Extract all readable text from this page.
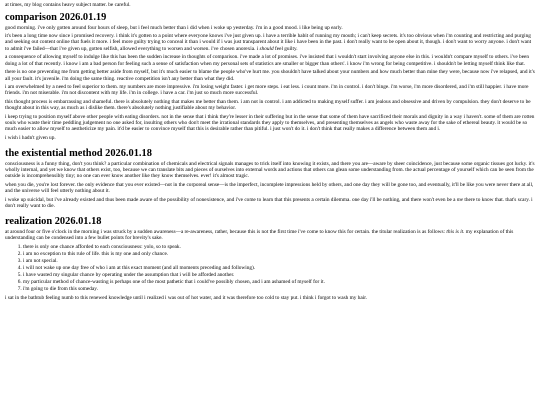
at times, my blog contains heavy subject matter. be careful.

comparison 2026.01.19

good morning. i've only gotten around four hours of sleep, but i feel much better than i did when i woke up yesterday. i'm in a good mood. i like being up early.

it's been a long time now since i promised recovery. i think it's gotten to a point where everyone knows i've just given up. i have a terrible habit of running my mouth; i can't keep secrets. it's too obvious when i'm counting and restricting and purging and seeking out content online that fuels it more. i feel more guilty trying to conceal it than i would if i was just transparent about it like i have been in the past. i don't really want to be open about it, though. i don't want to worry anyone. i don't want to admit i've failed—that i've given up, gotten selfish, allowed everything to worsen and worsen. i've chosen anorexia. i should feel guilty.

a consequence of allowing myself to indulge like this has been the sudden increase in thoughts of comparison. i've made a lot of promises. i've insisted that i wouldn't start involving anyone else in this. i wouldn't compare myself to others. i've been doing a lot of that recently. i know i am a bad person for feeling such a sense of satisfaction when my personal sets of statistics are smaller or bigger than others'. i know i'm wrong for being competitive. i shouldn't be letting myself think like that.

there is no one preventing me from getting better aside from myself, but it's much easier to blame the people who've hurt me. you shouldn't have talked about your numbers and how much better than mine they were, because now i've relapsed, and it's all your fault. it's juvenile. i'm doing the same thing. reactive competition isn't any better than what they did.

i am overwhelmed by a need to feel superior to them. my numbers are more impressive. i'm losing weight faster. i get more steps. i eat less. i count more. i'm in control. i don't binge. i'm worse, i'm more disordered, and i'm still happier. i have more friends. i'm not miserable. i'm not discontent with my life. i'm in college. i have a car. i'm just so much more successful.

this thought process is embarrassing and shameful. there is absolutely nothing that makes me better than them. i am not in control. i am addicted to making myself suffer. i am jealous and obsessive and driven by compulsion. they don't deserve to be thought about in this way, as much as i dislike them. there's absolutely nothing justifiable about my behavior.

i keep trying to position myself above other people with eating disorders. not in the sense that i think they're lesser in their suffering but in the sense that some of them have sacrificed their morals and dignity in a way i haven't. some of them are rotten souls who waste their time peddling judgement no one asked for, insulting others who don't meet the irrational standards they apply to themselves, and presenting themselves as angels who waste away for the sake of ethereal beauty. it would be so much easier to allow myself to aestheticize my pain. it'd be easier to convince myself that this is desirable rather than pitiful. i just won't do it. i don't think that really makes a difference between them and i.

i wish i hadn't given up.

the existential method 2026.01.18

consciousness is a funny thing, don't you think? a particular combination of chemicals and electrical signals manages to trick itself into knowing it exists, and there you are—aware by sheer coincidence, just because some organic tissues got lucky. it's wholly internal, and yet we know that others exist, too, because we can translate bits and pieces of ourselves into external words and actions that others can glean some understanding from. the actual percentage of yourself which can be seen from the outside is incomprehensibly tiny; no one can ever know another like they know themselves. ever! it's almost tragic.

when you die, you're lost forever. the only evidence that you ever existed—not in the corporeal sense—is the imperfect, incomplete impressions held by others, and one day they will be gone too, and eventually, it'll be like you were never there at all, and the universe will feel utterly nothing about it.

i woke up suicidal, but i've already existed and thus been made aware of the possibility of nonexistence, and i've come to learn that this presents a certain dilemma. one day i'll be nothing, and there won't even be a me there to know that. that's scary. i don't really want to die.

realization 2026.01.18

at around four or five o'clock in the morning i was struck by a sudden awareness—a re-awareness, rather, because this is not the first time i've come to know this for certain. the titular realization is as follows: this is it. my explanation of this understanding can be condensed into a few bullet points for brevity's sake.

1. there is only one chance afforded to each consciousness: yolo, so to speak.
2. i am no exception to this rule of life. this is my one and only chance.
3. i am not special.
4. i will not wake up one day free of who i am at this exact moment (and all moments preceding and following).
5. i have wasted my singular chance by operating under the assumption that i will be afforded another.
6. my particular method of chance-wasting is perhaps one of the most pathetic that i could've possibly chosen, and i am ashamed of myself for it.
7. i'm going to die from this someday.

i sat in the bathtub feeling numb to this renewed knowledge until i realized i was out of hot water, and it was therefore too cold to stay put. i think i forgot to wash my hair.
